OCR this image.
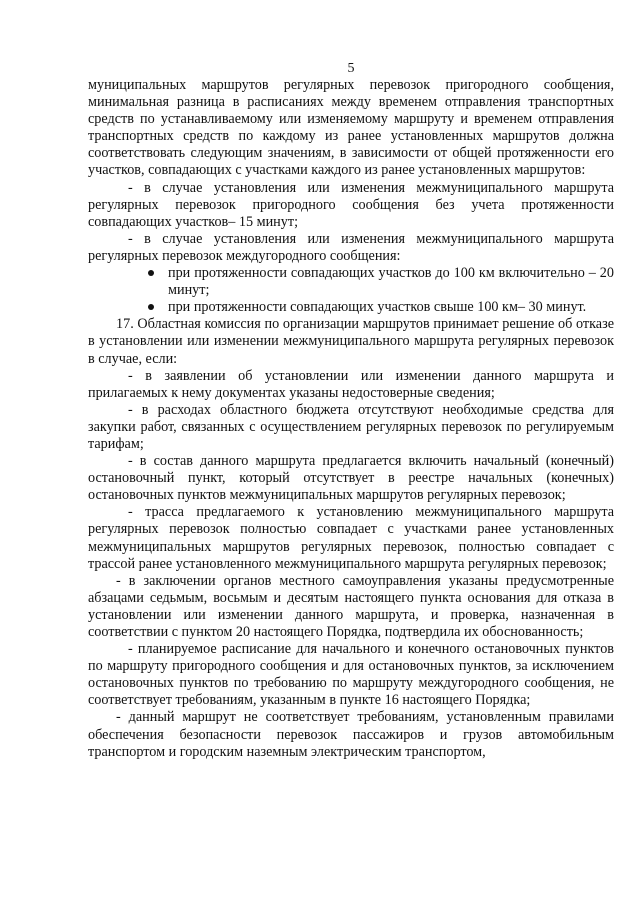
5

муниципальных маршрутов регулярных перевозок пригородного сообщения, минимальная разница в расписаниях между временем отправления транспортных средств по устанавливаемому или изменяемому маршруту и временем отправления транспортных средств по каждому из ранее установленных маршрутов должна соответствовать следующим значениям, в зависимости от общей протяженности его участков, совпадающих с участками каждого из ранее установленных маршрутов:

- в случае установления или изменения межмуниципального маршрута регулярных перевозок пригородного сообщения без учета протяженности совпадающих участков– 15 минут;

- в случае установления или изменения межмуниципального маршрута регулярных перевозок междугородного сообщения:

при протяженности совпадающих участков до 100 км включительно – 20 минут;
при протяженности совпадающих участков свыше 100 км– 30 минут.

17. Областная комиссия по организации маршрутов принимает решение об отказе в установлении или изменении межмуниципального маршрута регулярных перевозок в случае, если:

- в заявлении об установлении или изменении данного маршрута и прилагаемых к нему документах указаны недостоверные сведения;

- в расходах областного бюджета отсутствуют необходимые средства для закупки работ, связанных с осуществлением регулярных перевозок по регулируемым тарифам;

- в состав данного маршрута предлагается включить начальный (конечный) остановочный пункт, который отсутствует в реестре начальных (конечных) остановочных пунктов межмуниципальных маршрутов регулярных перевозок;

- трасса предлагаемого к установлению межмуниципального маршрута регулярных перевозок полностью совпадает с участками ранее установленных межмуниципальных маршрутов регулярных перевозок, полностью совпадает с трассой ранее установленного межмуниципального маршрута регулярных перевозок;

- в заключении органов местного самоуправления указаны предусмотренные абзацами седьмым, восьмым и десятым настоящего пункта основания для отказа в установлении или изменении данного маршрута, и проверка, назначенная в соответствии с пунктом 20 настоящего Порядка, подтвердила их обоснованность;

- планируемое расписание для начального и конечного остановочных пунктов по маршруту пригородного сообщения и для остановочных пунктов, за исключением остановочных пунктов по требованию по маршруту междугородного сообщения, не соответствует требованиям, указанным в пункте 16 настоящего Порядка;

- данный маршрут не соответствует требованиям, установленным правилами обеспечения безопасности перевозок пассажиров и грузов автомобильным транспортом и городским наземным электрическим транспортом,
